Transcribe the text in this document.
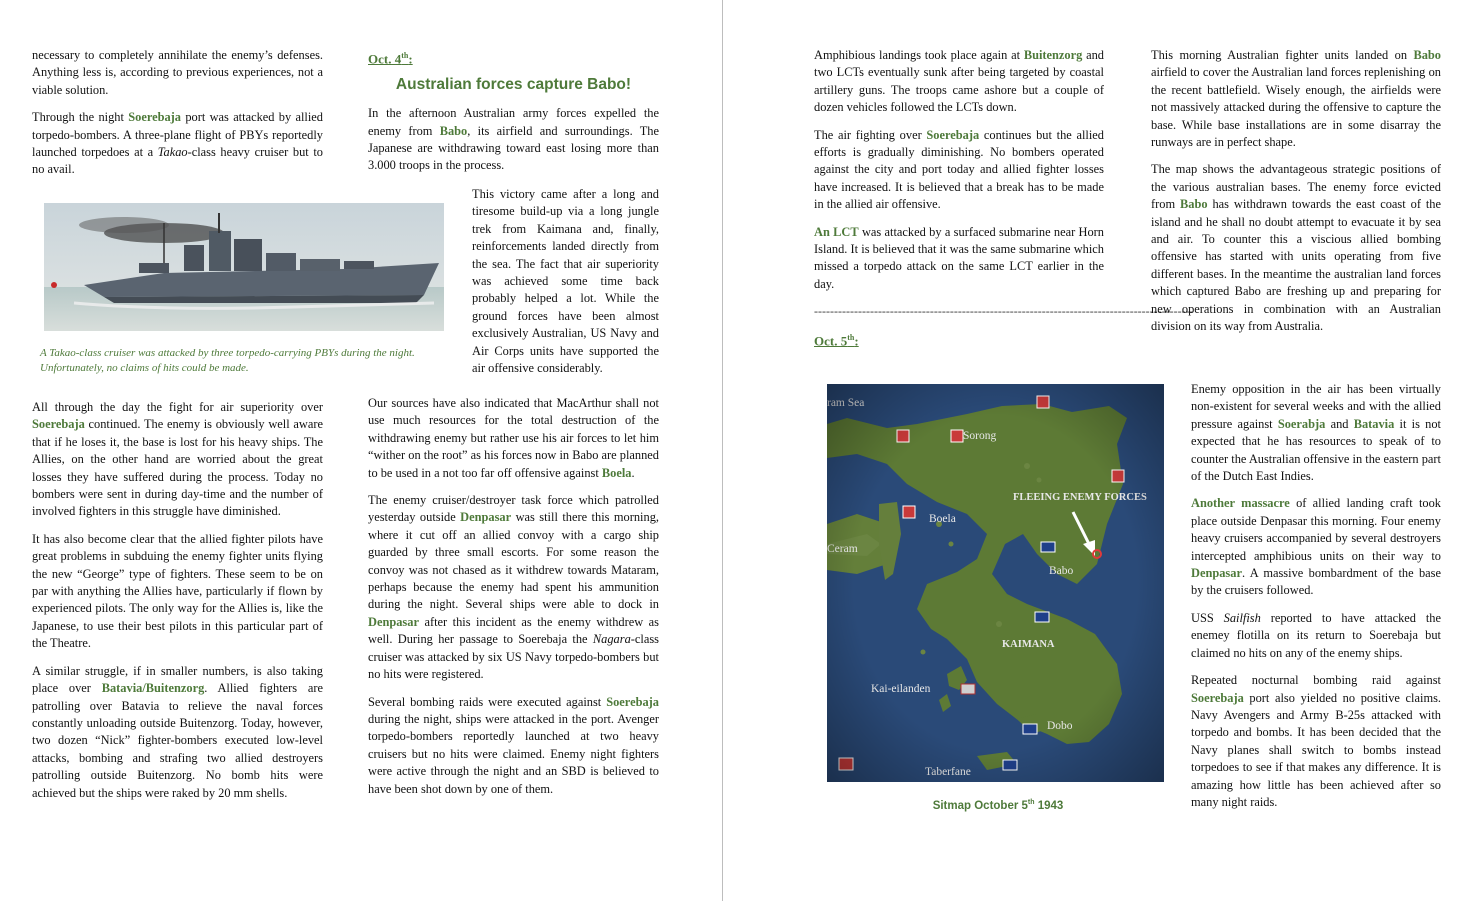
necessary to completely annihilate the enemy’s defenses. Anything less is, according to previous experiences, not a viable solution.

Through the night Soerebaja port was attacked by allied torpedo-bombers. A three-plane flight of PBYs reportedly launched torpedoes at a Takao-class heavy cruiser but to no avail.

A Takao-class cruiser was attacked by three torpedo-carrying PBYs during the night. Unfortunately, no claims of hits could be made.

All through the day the fight for air superiority over Soerebaja continued. The enemy is obviously well aware that if he loses it, the base is lost for his heavy ships. The Allies, on the other hand are worried about the great losses they have suffered during the process. Today no bombers were sent in during day-time and the number of involved fighters in this struggle have diminished.

It has also become clear that the allied fighter pilots have great problems in subduing the enemy fighter units flying the new “George” type of fighters. These seem to be on par with anything the Allies have, particularly if flown by experienced pilots. The only way for the Allies is, like the Japanese, to use their best pilots in this particular part of the Theatre.

A similar struggle, if in smaller numbers, is also taking place over Batavia/Buitenzorg. Allied fighters are patrolling over Batavia to relieve the naval forces constantly unloading outside Buitenzorg. Today, however, two dozen “Nick” fighter-bombers executed low-level attacks, bombing and strafing two allied destroyers patrolling outside Buitenzorg. No bomb hits were achieved but the ships were raked by 20 mm shells.

Oct. 4th:
Australian forces capture Babo!

In the afternoon Australian army forces expelled the enemy from Babo, its airfield and surroundings. The Japanese are withdrawing toward east losing more than 3.000 troops in the process.

This victory came after a long and tiresome build-up via a long jungle trek from Kaimana and, finally, reinforcements landed directly from the sea. The fact that air superiority was achieved some time back probably helped a lot. While the ground forces have been almost exclusively Australian, US Navy and Air Corps units have supported the air offensive considerably.

Our sources have also indicated that MacArthur shall not use much resources for the total destruction of the withdrawing enemy but rather use his air forces to let him “wither on the root” as his forces now in Babo are planned to be used in a not too far off offensive against Boela.

The enemy cruiser/destroyer task force which patrolled yesterday outside Denpasar was still there this morning, where it cut off an allied convoy with a cargo ship guarded by three small escorts. For some reason the convoy was not chased as it withdrew towards Mataram, perhaps because the enemy had spent his ammunition during the night. Several ships were able to dock in Denpasar after this incident as the enemy withdrew as well. During her passage to Soerebaja the Nagara-class cruiser was attacked by six US Navy torpedo-bombers but no hits were registered.

Several bombing raids were executed against Soerebaja during the night, ships were attacked in the port. Avenger torpedo-bombers reportedly launched at two heavy cruisers but no hits were claimed. Enemy night fighters were active through the night and an SBD is believed to have been shot down by one of them.

Amphibious landings took place again at Buitenzorg and two LCTs eventually sunk after being targeted by coastal artillery guns. The troops came ashore but a couple of dozen vehicles followed the LCTs down.

The air fighting over Soerebaja continues but the allied efforts is gradually diminishing. No bombers operated against the city and port today and allied fighter losses have increased. It is believed that a break has to be made in the allied air offensive.

An LCT was attacked by a surfaced submarine near Horn Island. It is believed that it was the same submarine which missed a torpedo attack on the same LCT earlier in the day.

-----------------------------------------------------------------------------------------------
Oct. 5th:
Sitmap October 5th 1943

This morning Australian fighter units landed on Babo airfield to cover the Australian land forces replenishing on the recent battlefield. Wisely enough, the airfields were not massively attacked during the offensive to capture the base. While base installations are in some disarray the runways are in perfect shape.

The map shows the advantageous strategic positions of the various australian bases. The enemy force evicted from Babo has withdrawn towards the east coast of the island and he shall no doubt attempt to evacuate it by sea and air. To counter this a viscious allied bombing offensive has started with units operating from five different bases. In the meantime the australian land forces which captured Babo are freshing up and preparing for new operations in combination with an Australian division on its way from Australia.

Enemy opposition in the air has been virtually non-existent for several weeks and with the allied pressure against Soerabja and Batavia it is not expected that he has resources to speak of to counter the Australian offensive in the eastern part of the Dutch East Indies.

Another massacre of allied landing craft took place outside Denpasar this morning. Four enemy heavy cruisers accompanied by several destroyers intercepted amphibious units on their way to Denpasar. A massive bombardment of the base by the cruisers followed.

USS Sailfish reported to have attacked the enemey flotilla on its return to Soerebaja but claimed no hits on any of the enemy ships.

Repeated nocturnal bombing raid against Soerebaja port also yielded no positive claims. Navy Avengers and Army B-25s attacked with torpedo and bombs. It has been decided that the Navy planes shall switch to bombs instead torpedoes to see if that makes any difference. It is amazing how little has been achieved after so many night raids.
